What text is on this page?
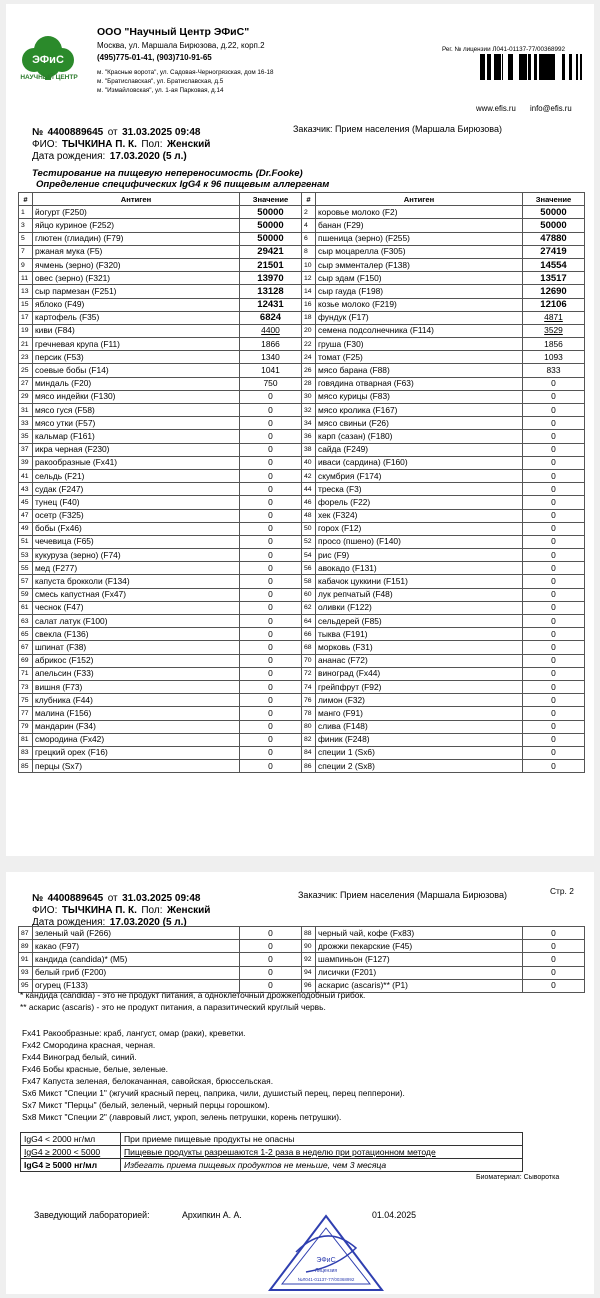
ЭФиС
НАУЧНЫЙ ЦЕНТР
ООО "Научный Центр ЭФиС"
Москва, ул. Маршала Бирюзова, д.22, корп.2
(495)775-01-41, (903)710-91-65
м. "Красные ворота", ул. Садовая-Черногрязская, дом 16-18
м. "Братиславская", ул. Братиславская, д.5
м. "Измайловская", ул. 1-ая Парковая, д.14
Рег. № лицензии Л041-01137-77/00368992
www.efis.ru info@efis.ru
№ 4400889645 от 31.03.2025 09:48
ФИО: ТЫЧКИНА П. К. Пол: Женский
Дата рождения: 17.03.2020 (5 л.)
Заказчик: Прием населения (Маршала Бирюзова)
Тестирование на пищевую непереносимость (Dr.Fooke)
Определение специфических IgG4 к 96 пищевым аллергенам
#	Антиген	Значение	#	Антиген	Значение
1	йогурт (F250)	50000	2	коровье молоко (F2)	50000
3	яйцо куриное (F252)	50000	4	банан (F29)	50000
5	глютен (глиадин) (F79)	50000	6	пшеница (зерно) (F255)	47880
7	ржаная мука (F5)	29421	8	сыр моцарелла (F305)	27419
9	ячмень (зерно) (F320)	21501	10	сыр эмменталер (F138)	14554
11	овес (зерно) (F321)	13970	12	сыр эдам (F150)	13517
13	сыр пармезан (F251)	13128	14	сыр гауда (F198)	12690
15	яблоко (F49)	12431	16	козье молоко (F219)	12106
17	картофель (F35)	6824	18	фундук (F17)	4871
19	киви (F84)	4400	20	семена подсолнечника (F114)	3529
21	гречневая крупа (F11)	1866	22	груша (F30)	1856
23	персик (F53)	1340	24	томат (F25)	1093
25	соевые бобы (F14)	1041	26	мясо барана (F88)	833
27	миндаль (F20)	750	28	говядина отварная (F63)	0
29	мясо индейки (F130)	0	30	мясо курицы (F83)	0
31	мясо гуся (F58)	0	32	мясо кролика (F167)	0
33	мясо утки (F57)	0	34	мясо свиньи (F26)	0
35	кальмар (F161)	0	36	карп (сазан) (F180)	0
37	икра черная (F230)	0	38	сайда (F249)	0
39	ракообразные (Fx41)	0	40	иваси (сардина) (F160)	0
41	сельдь (F21)	0	42	скумбрия (F174)	0
43	судак (F247)	0	44	треска (F3)	0
45	тунец (F40)	0	46	форель (F22)	0
47	осетр (F325)	0	48	хек (F324)	0
49	бобы (Fx46)	0	50	горох (F12)	0
51	чечевица (F65)	0	52	просо (пшено) (F140)	0
53	кукуруза (зерно) (F74)	0	54	рис (F9)	0
55	мед (F277)	0	56	авокадо (F131)	0
57	капуста брокколи (F134)	0	58	кабачок цуккини (F151)	0
59	смесь капустная (Fx47)	0	60	лук репчатый (F48)	0
61	чеснок (F47)	0	62	оливки (F122)	0
63	салат латук (F100)	0	64	сельдерей (F85)	0
65	свекла (F136)	0	66	тыква (F191)	0
67	шпинат (F38)	0	68	морковь (F31)	0
69	абрикос (F152)	0	70	ананас (F72)	0
71	апельсин (F33)	0	72	виноград (Fx44)	0
73	вишня (F73)	0	74	грейпфрут (F92)	0
75	клубника (F44)	0	76	лимон (F32)	0
77	малина (F156)	0	78	манго (F91)	0
79	мандарин (F34)	0	80	слива (F148)	0
81	смородина (Fx42)	0	82	финик (F248)	0
83	грецкий орех (F16)	0	84	специи 1 (Sx6)	0
85	перцы (Sx7)	0	86	специи 2 (Sx8)	0
№ 4400889645 от 31.03.2025 09:48
ФИО: ТЫЧКИНА П. К. Пол: Женский
Дата рождения: 17.03.2020 (5 л.)
Заказчик: Прием населения (Маршала Бирюзова)	Стр. 2
87	зеленый чай (F266)	0	88	черный чай, кофе (Fx83)	0
89	какао (F97)	0	90	дрожжи пекарские (F45)	0
91	кандида (candida)* (M5)	0	92	шампиньон (F127)	0
93	белый гриб (F200)	0	94	лисички (F201)	0
95	огурец (F133)	0	96	аскарис (ascaris)** (P1)	0
* кандида (candida) - это не продукт питания, а одноклеточный дрожжеподобный грибок.
** аскарис (ascaris) - это не продукт питания, а паразитический круглый червь.
Fx41 Ракообразные: краб, лангуст, омар (раки), креветки.
Fx42 Смородина красная, черная.
Fx44 Виноград белый, синий.
Fx46 Бобы красные, белые, зеленые.
Fx47 Капуста зеленая, белокачанная, савойская, брюссельская.
Sx6 Микст "Специи 1" (жгучий красный перец, паприка, чили, душистый перец, перец пепперони).
Sx7 Микст "Перцы" (белый, зеленый, черный перцы горошком).
Sx8 Микст "Специи 2" (лавровый лист, укроп, зелень петрушки, корень петрушки).
IgG4 < 2000 нг/мл	При приеме пищевые продукты не опасны
IgG4 ≥ 2000 < 5000	Пищевые продукты разрешаются 1-2 раза в неделю при ротационном методе
IgG4 ≥ 5000 нг/мл	Избегать приема пищевых продуктов не меньше, чем 3 месяца
Биоматериал: Сыворотка
Заведующий лабораторией:	Архипкин А. А.	01.04.2025
ЭФиС
Лицензия
№Л041-01137-77/00368992
